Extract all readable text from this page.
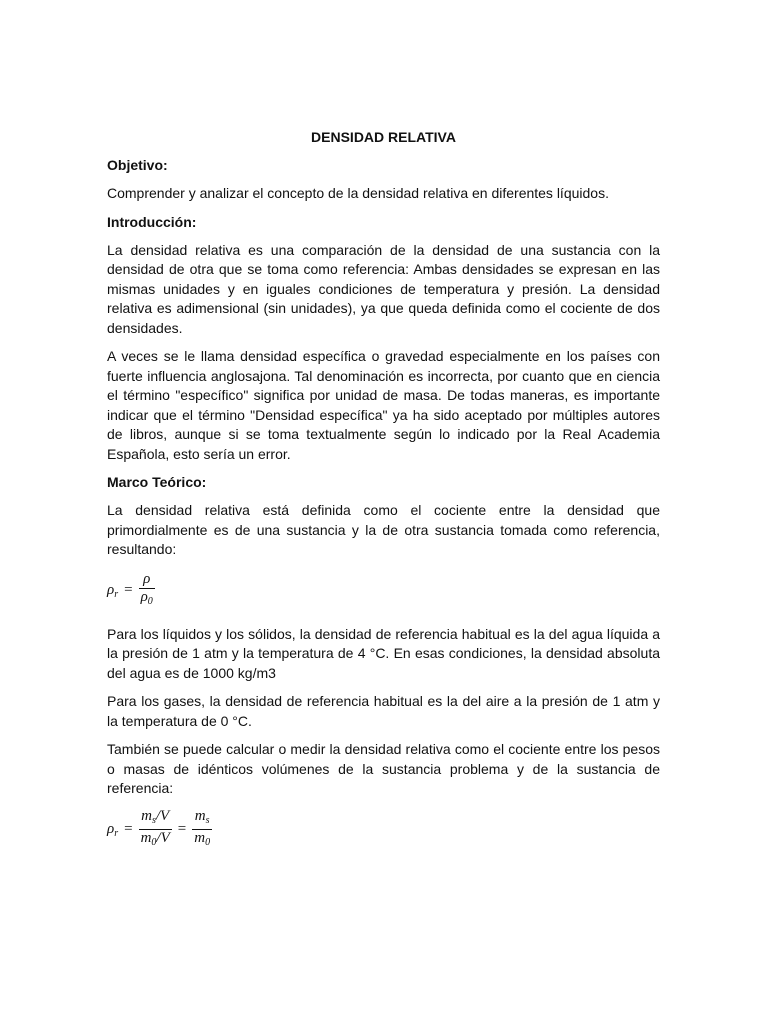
DENSIDAD RELATIVA
Objetivo:
Comprender y analizar el concepto de la densidad relativa en diferentes líquidos.
Introducción:
La densidad relativa es una comparación de la densidad de una sustancia con la densidad de otra que se toma como referencia: Ambas densidades se expresan en las mismas unidades y en iguales condiciones de temperatura y presión. La densidad relativa es adimensional (sin unidades), ya que queda definida como el cociente de dos densidades.
A veces se le llama densidad específica o gravedad especialmente en los países con fuerte influencia anglosajona. Tal denominación es incorrecta, por cuanto que en ciencia el término "específico" significa por unidad de masa. De todas maneras, es importante indicar que el término "Densidad específica" ya ha sido aceptado por múltiples autores de libros, aunque si se toma textualmente según lo indicado por la Real Academia Española, esto sería un error.
Marco Teórico:
La densidad relativa está definida como el cociente entre la densidad que primordialmente es de una sustancia y la de otra sustancia tomada como referencia, resultando:
$\rho_r = \frac{\rho}{\rho_0}$
Para los líquidos y los sólidos, la densidad de referencia habitual es la del agua líquida a la presión de 1 atm y la temperatura de 4 °C. En esas condiciones, la densidad absoluta del agua es de 1000 kg/m3
Para los gases, la densidad de referencia habitual es la del aire a la presión de 1 atm y la temperatura de 0 °C.
También se puede calcular o medir la densidad relativa como el cociente entre los pesos o masas de idénticos volúmenes de la sustancia problema y de la sustancia de referencia:
$\rho_r = \frac{m_s/V}{m_0/V} = \frac{m_s}{m_0}$
